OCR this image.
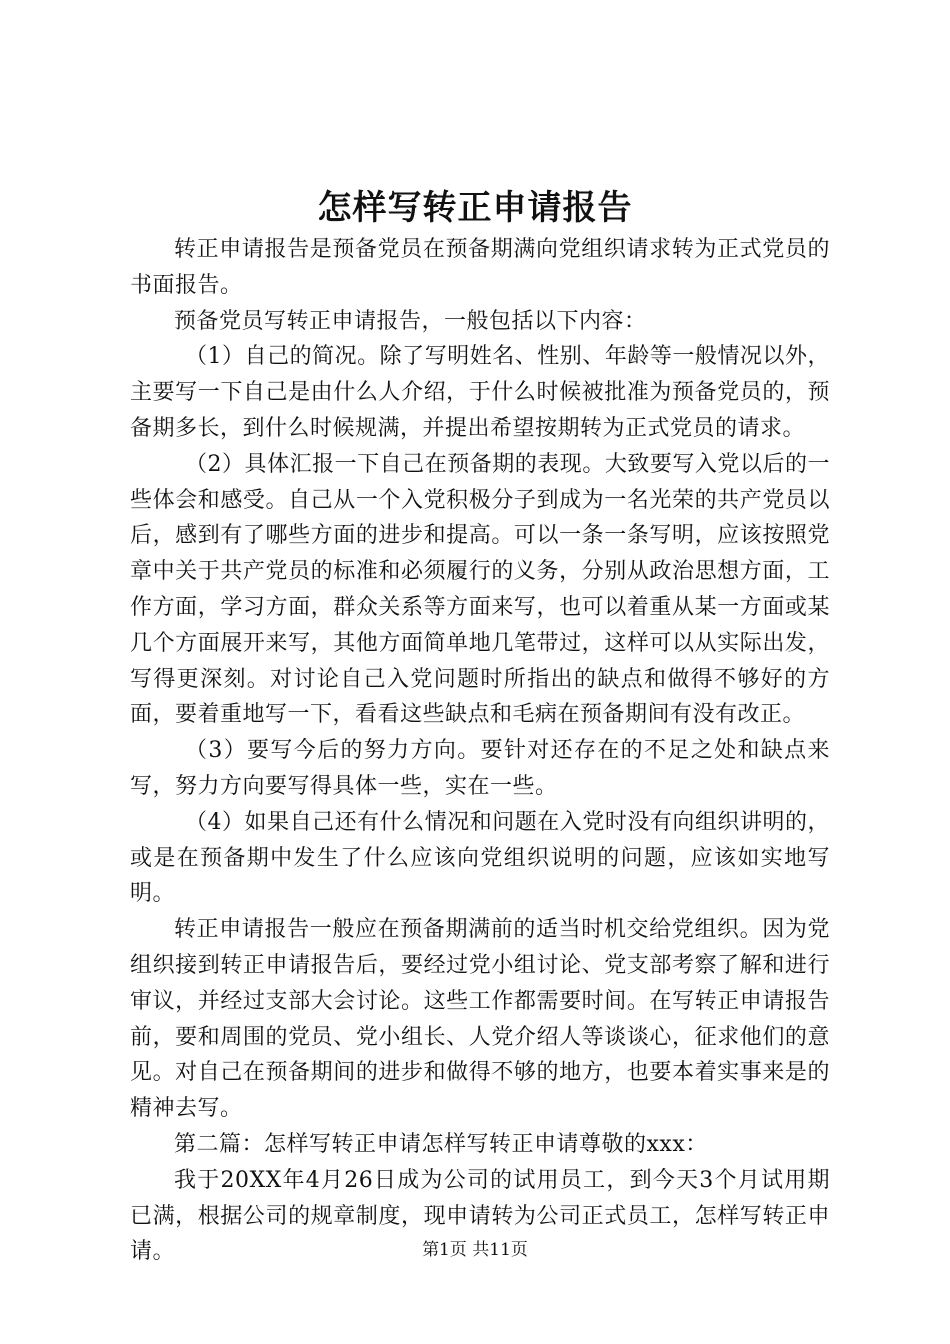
怎样写转正申请报告

转正申请报告是预备党员在预备期满向党组织请求转为正式党员的书面报告。

预备党员写转正申请报告，一般包括以下内容：

（1）自己的简况。除了写明姓名、性别、年龄等一般情况以外，主要写一下自己是由什么人介绍，于什么时候被批准为预备党员的，预备期多长，到什么时候规满，并提出希望按期转为正式党员的请求。

（2）具体汇报一下自己在预备期的表现。大致要写入党以后的一些体会和感受。自己从一个入党积极分子到成为一名光荣的共产党员以后，感到有了哪些方面的进步和提高。可以一条一条写明，应该按照党章中关于共产党员的标准和必须履行的义务，分别从政治思想方面，工作方面，学习方面，群众关系等方面来写，也可以着重从某一方面或某几个方面展开来写，其他方面简单地几笔带过，这样可以从实际出发，写得更深刻。对讨论自己入党问题时所指出的缺点和做得不够好的方面，要着重地写一下，看看这些缺点和毛病在预备期间有没有改正。

（3）要写今后的努力方向。要针对还存在的不足之处和缺点来写，努力方向要写得具体一些，实在一些。

（4）如果自己还有什么情况和问题在入党时没有向组织讲明的，或是在预备期中发生了什么应该向党组织说明的问题，应该如实地写明。

转正申请报告一般应在预备期满前的适当时机交给党组织。因为党组织接到转正申请报告后，要经过党小组讨论、党支部考察了解和进行审议，并经过支部大会讨论。这些工作都需要时间。在写转正申请报告前，要和周围的党员、党小组长、人党介绍人等谈谈心，征求他们的意见。对自己在预备期间的进步和做得不够的地方，也要本着实事来是的精神去写。

第二篇：怎样写转正申请怎样写转正申请尊敬的xxx：

我于20XX年4月26日成为公司的试用员工，到今天3个月试用期已满，根据公司的规章制度，现申请转为公司正式员工，怎样写转正申请。	第1页 共11页
